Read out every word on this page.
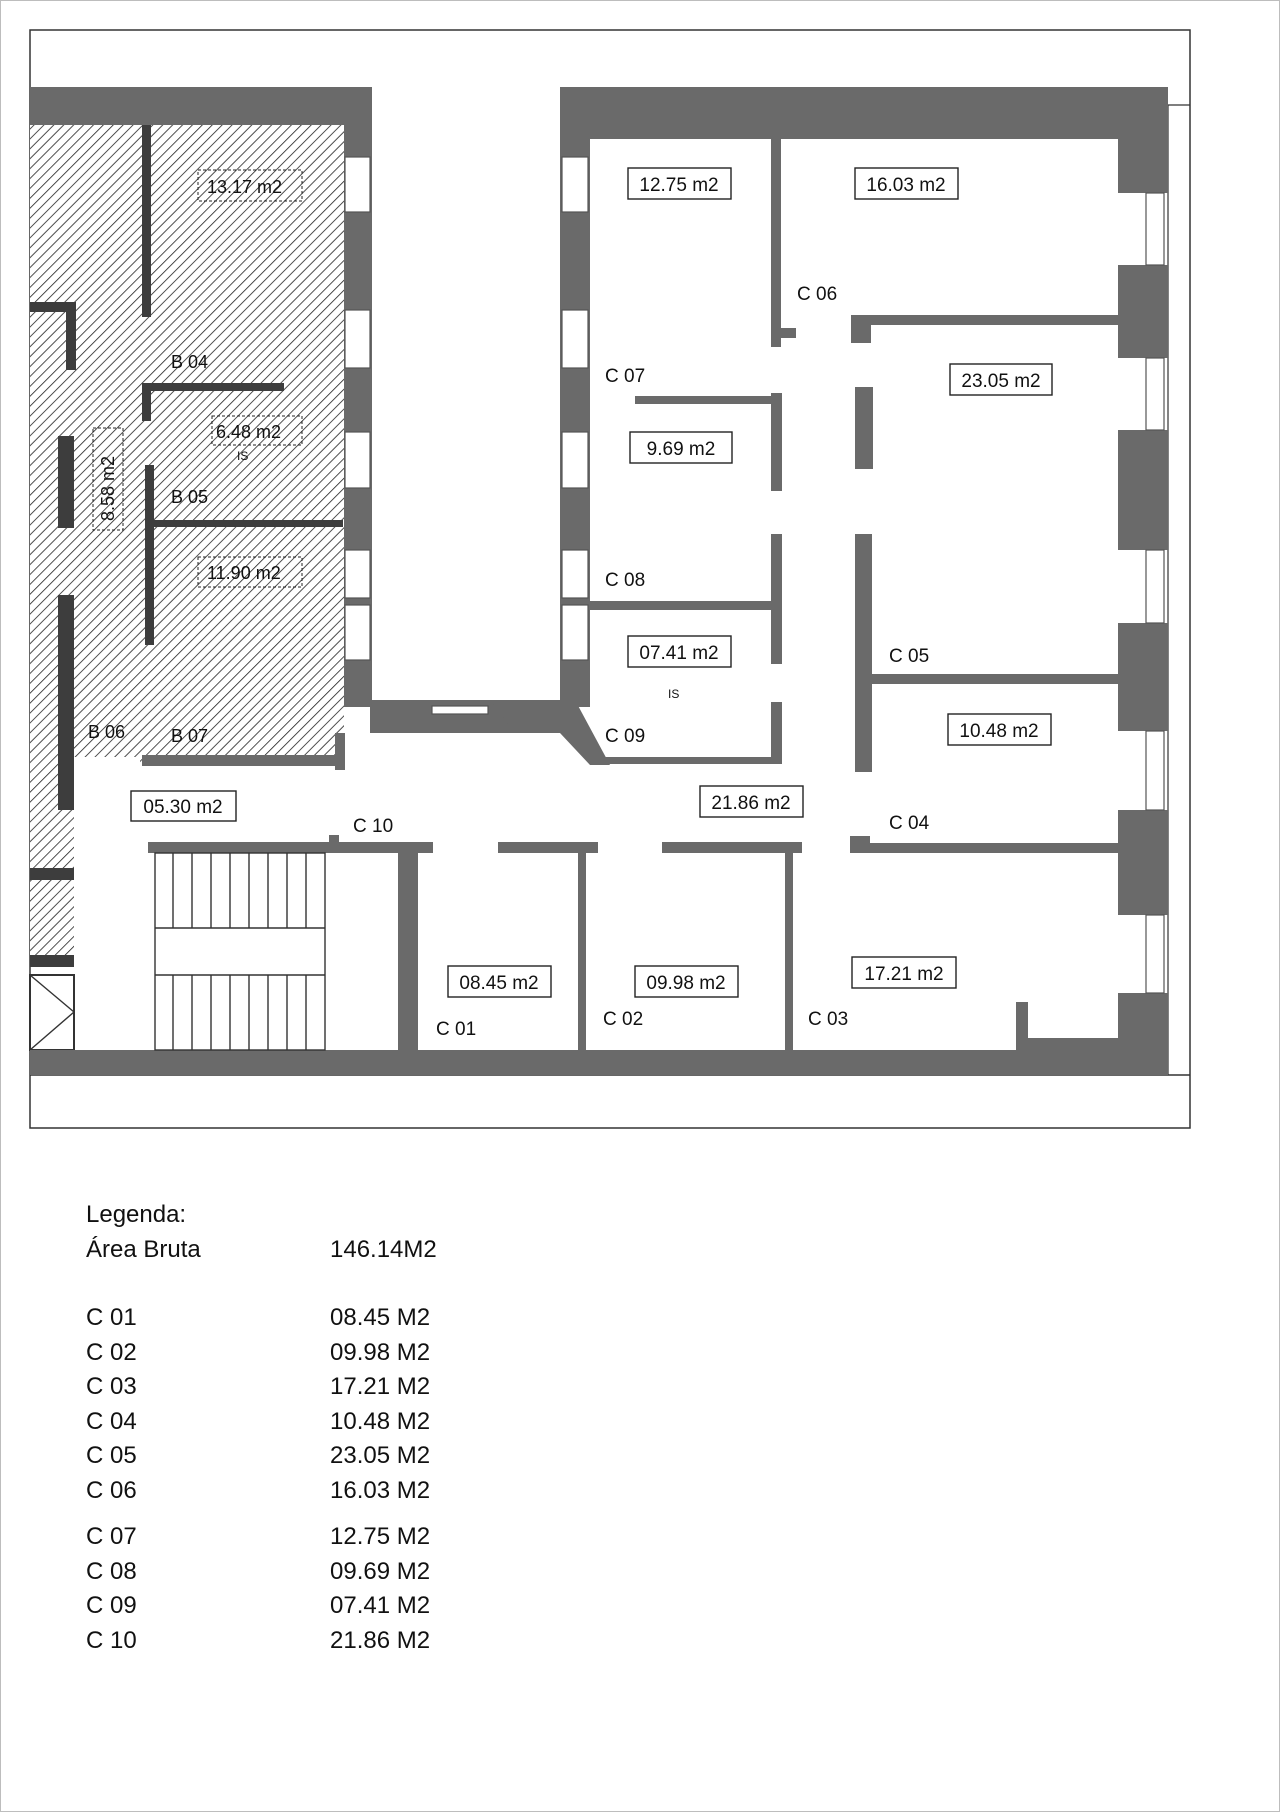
12.75 m2	16.03 m2
23.05 m2
9.69 m2
07.41 m2
10.48 m2
21.86 m2
05.30 m2
08.45 m2	09.98 m2	17.21 m2
C 06
C 07
C 08
C 05
C 09
C 04
C 10
C 01	C 02	C 03
IS
IS
B 04
B 05
B 06	B 07
13.17 m2
6.48 m2
11.90 m2
8.58 m2
Legenda:
Área Bruta	146.14M2
C 01	08.45 M2
C 02	09.98 M2
C 03	17.21 M2
C 04	10.48 M2
C 05	23.05 M2
C 06	16.03 M2
C 07	12.75 M2
C 08	09.69 M2
C 09	07.41 M2
C 10	21.86 M2
